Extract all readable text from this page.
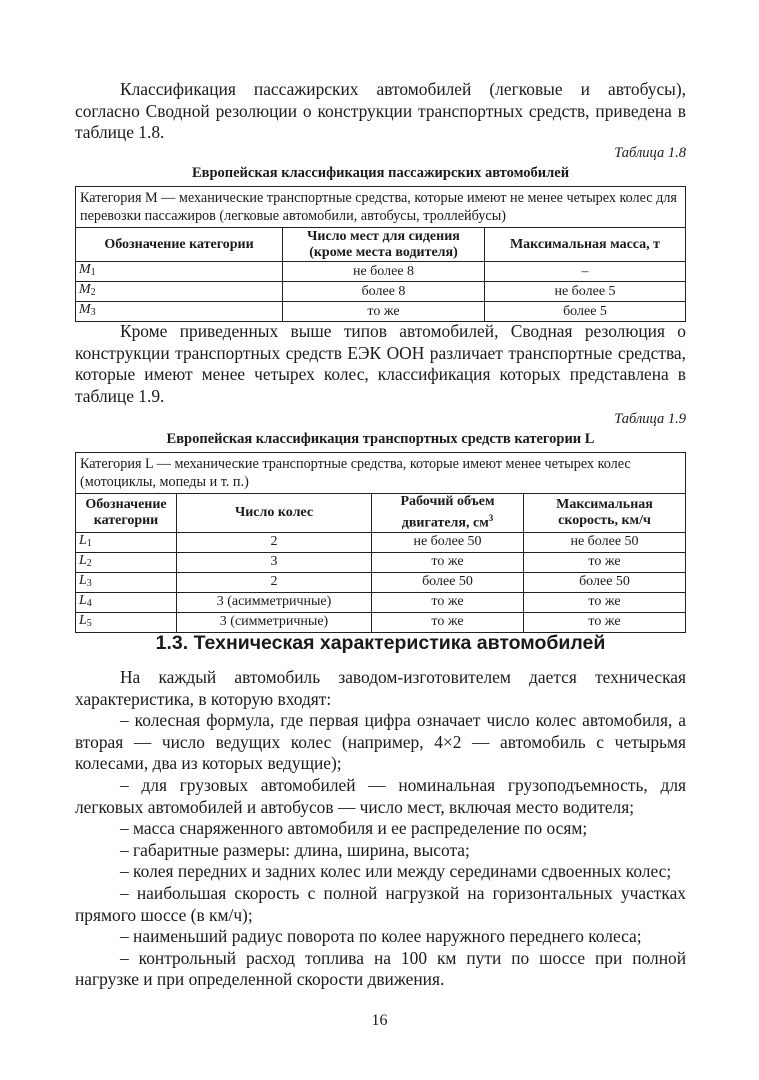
Классификация пассажирских автомобилей (легковые и автобусы), согласно Сводной резолюции о конструкции транспортных средств, приведена в таблице 1.8.

Таблица 1.8
Европейская классификация пассажирских автомобилей
Категория M — механические транспортные средства, которые имеют не менее четырех колес для перевозки пассажиров (легковые автомобили, автобусы, троллейбусы)		
Обозначение категории	Число мест для сидения (кроме места водителя)	Максимальная масса, т
$M_1$	не более 8	–
$M_2$	более 8	не более 5
$M_3$	то же	более 5

Кроме приведенных выше типов автомобилей, Сводная резолюция о конструкции транспортных средств ЕЭК ООН различает транспортные средства, которые имеют менее четырех колес, классификация которых представлена в таблице 1.9.

Таблица 1.9
Европейская классификация транспортных средств категории L
Категория L — механические транспортные средства, которые имеют менее четырех колес (мотоциклы, мопеды и т. п.)			
Обозначение категории	Число колес	Рабочий объем двигателя, $см^3$	Максимальная скорость, км/ч
$L_1$	2	не более 50	не более 50
$L_2$	3	то же	то же
$L_3$	2	более 50	более 50
$L_4$	3 (асимметричные)	то же	то же
$L_5$	3 (симметричные)	то же	то же
1.3. Техническая характеристика автомобилей

На каждый автомобиль заводом-изготовителем дается техническая характеристика, в которую входят:

– колесная формула, где первая цифра означает число колес автомобиля, а вторая — число ведущих колес (например, 4×2 — автомобиль с четырьмя колесами, два из которых ведущие);

– для грузовых автомобилей — номинальная грузоподъемность, для легковых автомобилей и автобусов — число мест, включая место водителя;

– масса снаряженного автомобиля и ее распределение по осям;

– габаритные размеры: длина, ширина, высота;

– колея передних и задних колес или между серединами сдвоенных колес;

– наибольшая скорость с полной нагрузкой на горизонтальных участках прямого шоссе (в км/ч);

– наименьший радиус поворота по колее наружного переднего колеса;

– контрольный расход топлива на 100 км пути по шоссе при полной нагрузке и при определенной скорости движения.

16
